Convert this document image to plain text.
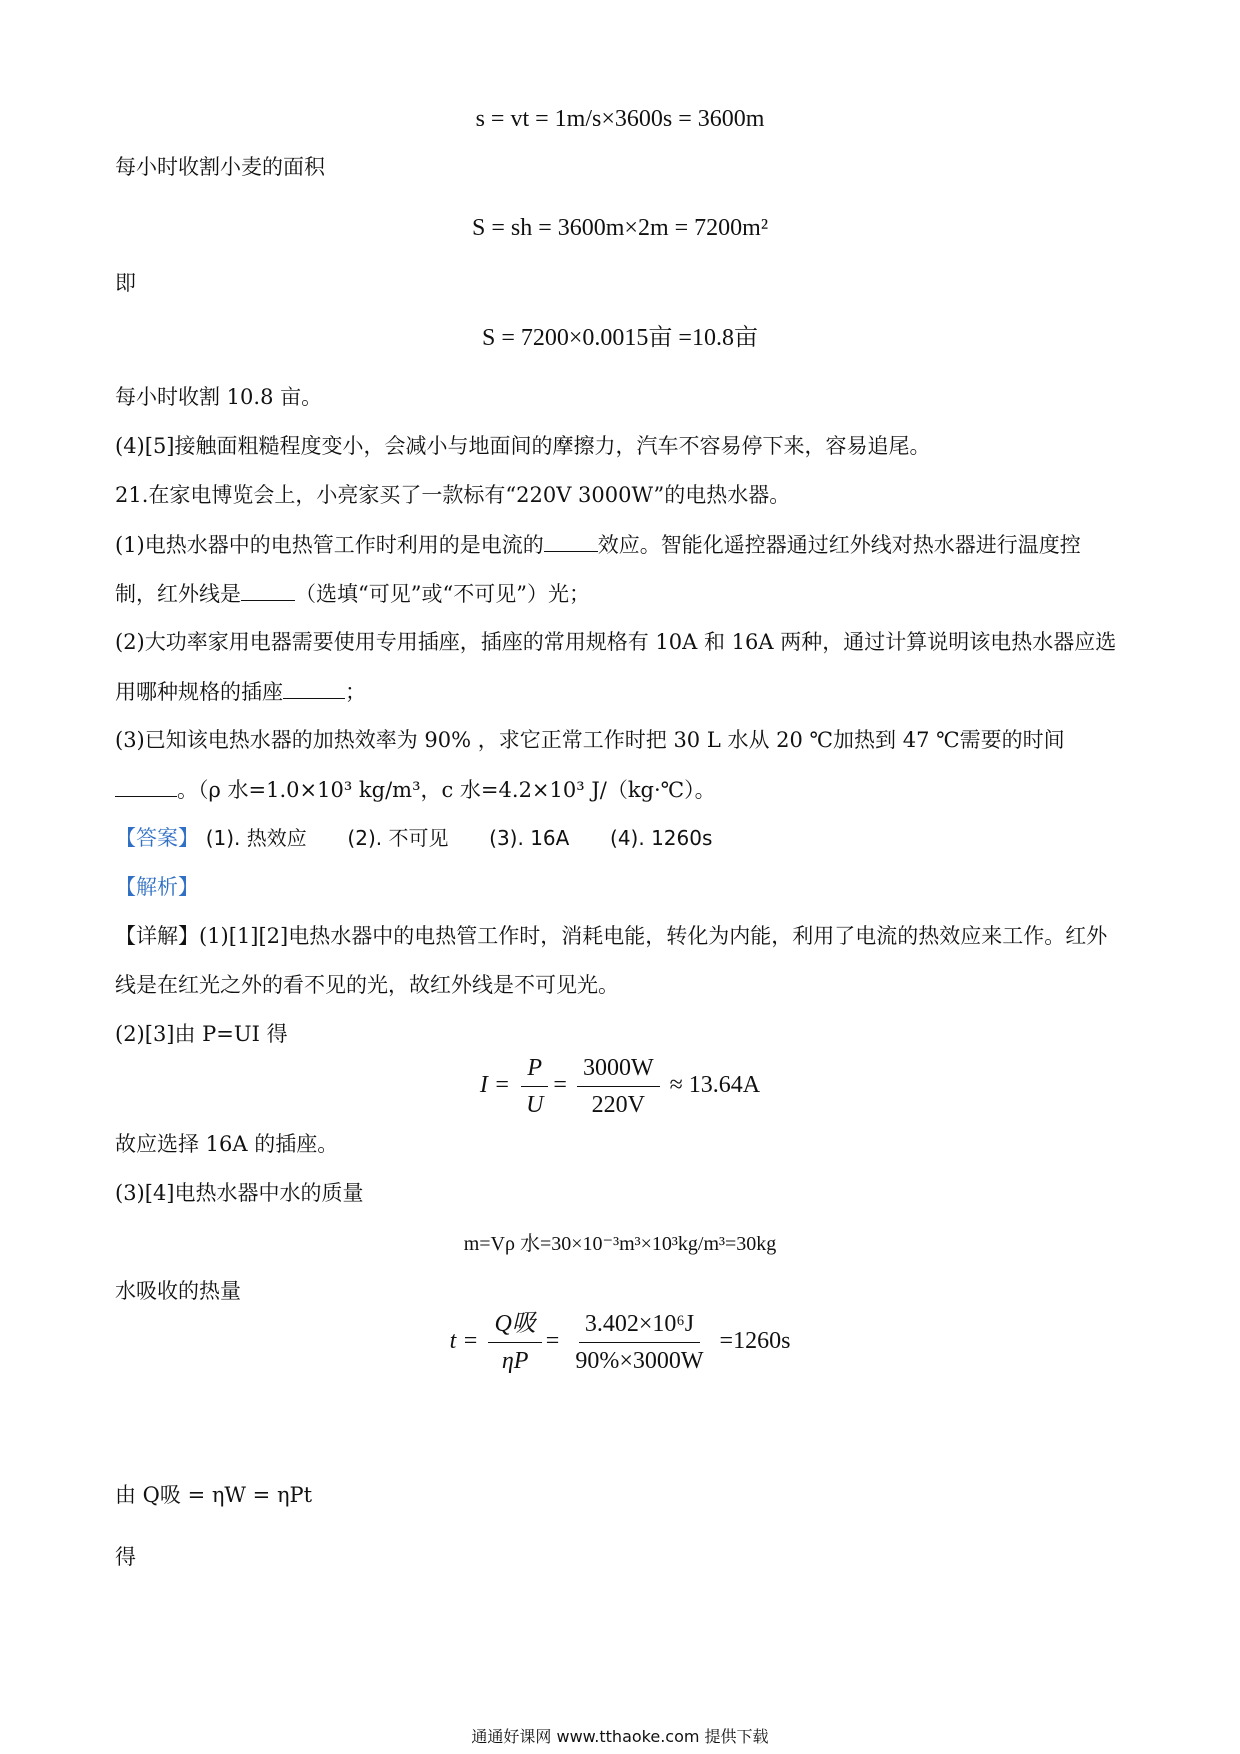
s = vt = 1m/s×3600s = 3600m
每小时收割小麦的面积
S = sh = 3600m×2m = 7200m²
即
S = 7200×0.0015亩 =10.8亩
每小时收割 10.8 亩。
(4)[5]接触面粗糙程度变小，会减小与地面间的摩擦力，汽车不容易停下来，容易追尾。
21.在家电博览会上，小亮家买了一款标有“220V 3000W”的电热水器。
(1)电热水器中的电热管工作时利用的是电流的	效应。智能化遥控器通过红外线对热水器进行温度控
制，红外线是	（选填“可见”或“不可见”）光；
(2)大功率家用电器需要使用专用插座，插座的常用规格有 10A 和 16A 两种，通过计算说明该电热水器应选
用哪种规格的插座	；
(3)已知该电热水器的加热效率为 90% ，求它正常工作时把 30 L 水从 20 ℃加热到 47 ℃需要的时间
。（ρ 水=1.0×10³ kg/m³，c 水=4.2×10³ J/（kg·℃）。
【答案】 (1). 热效应 (2). 不可见 (3). 16A (4). 1260s
【解析】
【详解】(1)[1][2]电热水器中的电热管工作时，消耗电能，转化为内能，利用了电流的热效应来工作。红外
线是在红光之外的看不见的光，故红外线是不可见光。
(2)[3]由 P=UI 得
$I = \frac{P}{U} = \frac{3000W}{220V} \approx 13.64A$
故应选择 16A 的插座。
(3)[4]电热水器中水的质量
m=Vρ 水=30×10⁻³m³×10³kg/m³=30kg
水吸收的热量
$t = \frac{\text{Q吸}}{\eta P} = \frac{\text{3.402×10⁶J}}{90\%\times 3000W} =1260s$
由 Q吸 = ηW = ηPt
得
通通好课网 www.tthaoke.com 提供下载
